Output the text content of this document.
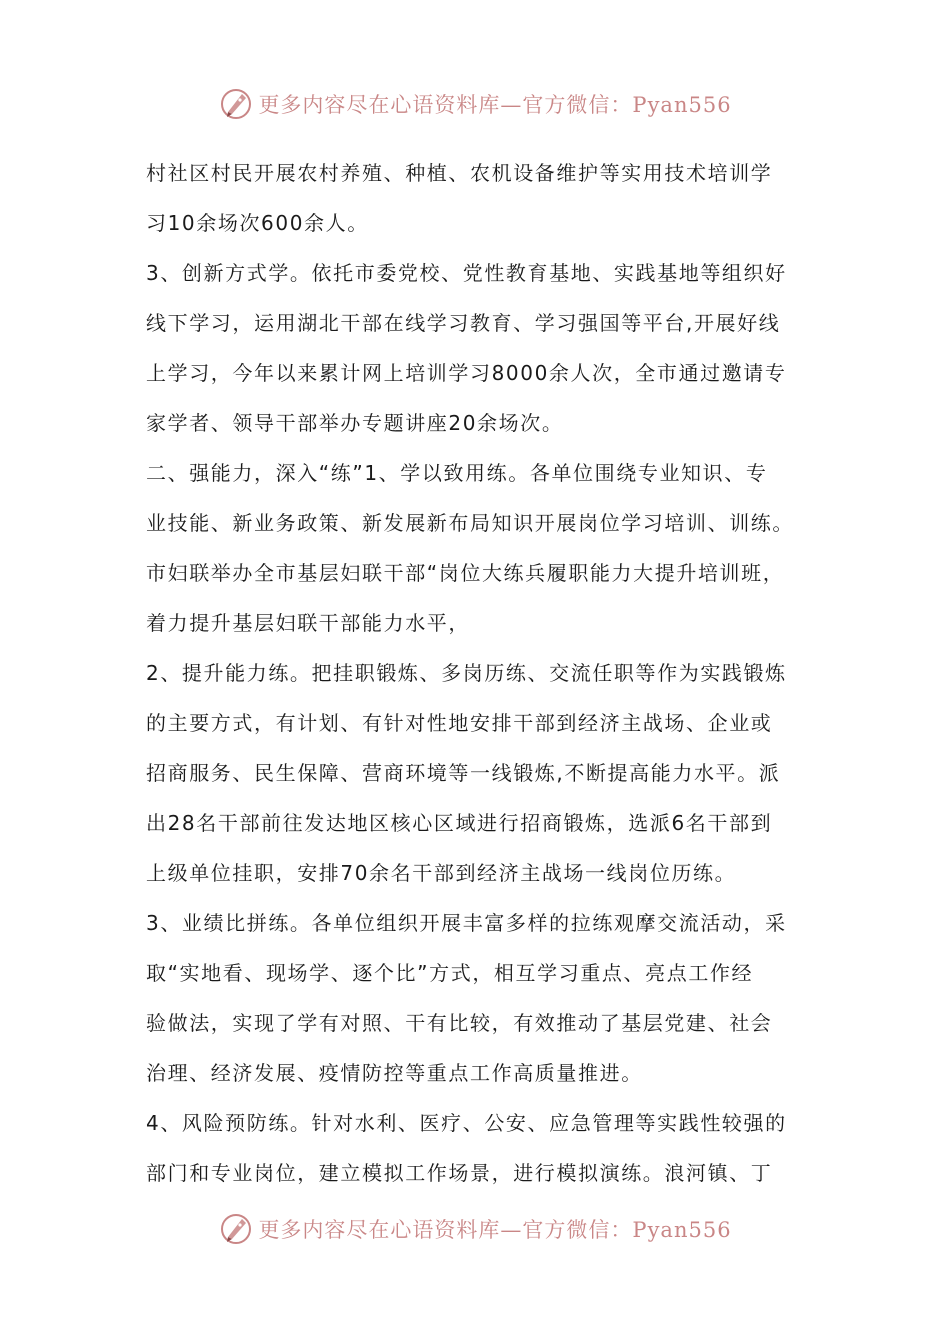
更多内容尽在心语资料库—官方微信：Pyan556
村社区村民开展农村养殖、种植、农机设备维护等实用技术培训学
习10余场次600余人。
3、创新方式学。依托市委党校、党性教育基地、实践基地等组织好
线下学习，运用湖北干部在线学习教育、学习强国等平台,开展好线
上学习，今年以来累计网上培训学习8000余人次，全市通过邀请专
家学者、领导干部举办专题讲座20余场次。
二、强能力，深入“练”1、学以致用练。各单位围绕专业知识、专
业技能、新业务政策、新发展新布局知识开展岗位学习培训、训练。
市妇联举办全市基层妇联干部“岗位大练兵履职能力大提升培训班，
着力提升基层妇联干部能力水平，
2、提升能力练。把挂职锻炼、多岗历练、交流任职等作为实践锻炼
的主要方式，有计划、有针对性地安排干部到经济主战场、企业或
招商服务、民生保障、营商环境等一线锻炼,不断提高能力水平。派
出28名干部前往发达地区核心区域进行招商锻炼，选派6名干部到
上级单位挂职，安排70余名干部到经济主战场一线岗位历练。
3、业绩比拼练。各单位组织开展丰富多样的拉练观摩交流活动，采
取“实地看、现场学、逐个比”方式，相互学习重点、亮点工作经
验做法，实现了学有对照、干有比较，有效推动了基层党建、社会
治理、经济发展、疫情防控等重点工作高质量推进。
4、风险预防练。针对水利、医疗、公安、应急管理等实践性较强的
部门和专业岗位，建立模拟工作场景，进行模拟演练。浪河镇、丁
更多内容尽在心语资料库—官方微信：Pyan556
